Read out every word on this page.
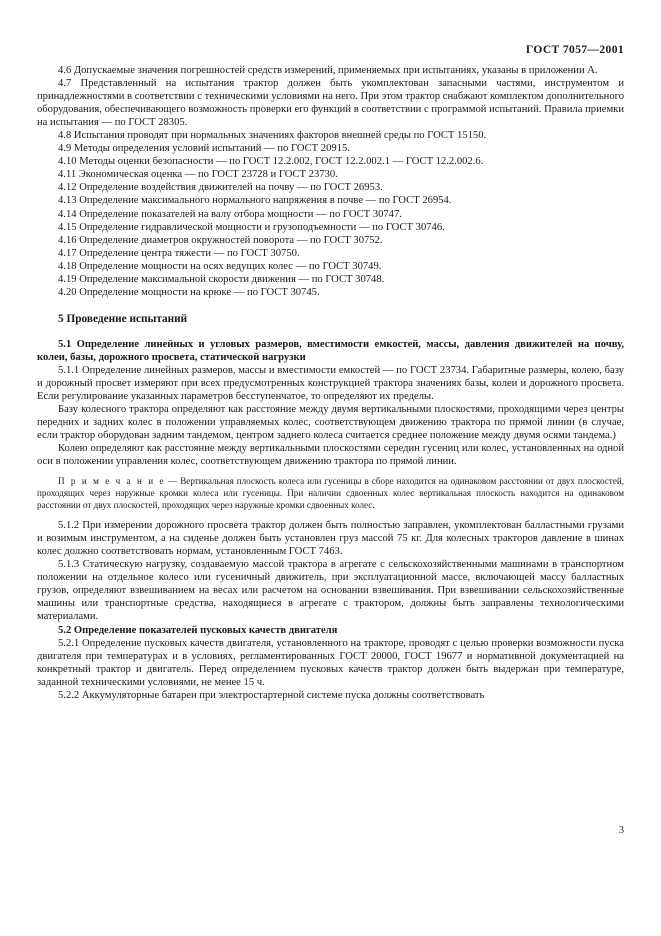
ГОСТ 7057—2001

4.6 Допускаемые значения погрешностей средств измерений, применяемых при испытаниях, указаны в приложении А.

4.7 Представленный на испытания трактор должен быть укомплектован запасными частями, инструментом и принадлежностями в соответствии с техническими условиями на него. При этом трактор снабжают комплектом дополнительного оборудования, обеспечивающего возможность проверки его функций в соответствии с программой испытаний. Правила приемки на испытания — по ГОСТ 28305.

4.8 Испытания проводят при нормальных значениях факторов внешней среды по ГОСТ 15150.
4.9 Методы определения условий испытаний — по ГОСТ 20915.
4.10 Методы оценки безопасности — по ГОСТ 12.2.002, ГОСТ 12.2.002.1 — ГОСТ 12.2.002.6.
4.11 Экономическая оценка — по ГОСТ 23728 и ГОСТ 23730.
4.12 Определение воздействия движителей на почву — по ГОСТ 26953.
4.13 Определение максимального нормального напряжения в почве — по ГОСТ 26954.
4.14 Определение показателей на валу отбора мощности — по ГОСТ 30747.
4.15 Определение гидравлической мощности и грузоподъемности — по ГОСТ 30746.
4.16 Определение диаметров окружностей поворота — по ГОСТ 30752.
4.17 Определение центра тяжести — по ГОСТ 30750.
4.18 Определение мощности на осях ведущих колес — по ГОСТ 30749.
4.19 Определение максимальной скорости движения — по ГОСТ 30748.
4.20 Определение мощности на крюке — по ГОСТ 30745.
5 Проведение испытаний
5.1 Определение линейных и угловых размеров, вместимости емкостей, массы, давления движителей на почву, колеи, базы, дорожного просвета, статической нагрузки

5.1.1 Определение линейных размеров, массы и вместимости емкостей — по ГОСТ 23734. Габаритные размеры, колею, базу и дорожный просвет измеряют при всех предусмотренных конструкцией трактора значениях базы, колеи и дорожного просвета. Если регулирование указанных параметров бесступенчатое, то определяют их пределы.

Базу колесного трактора определяют как расстояние между двумя вертикальными плоскостями, проходящими через центры передних и задних колес в положении управляемых колес, соответствующем движению трактора по прямой линии (в случае, если трактор оборудован задним тандемом, центром заднего колеса считается среднее положение между двумя осями тандема.)

Колею определяют как расстояние между вертикальными плоскостями середин гусениц или колес, установленных на одной оси в положении управления колес, соответствующем движению трактора по прямой линии.

П р и м е ч а н и е — Вертикальная плоскость колеса или гусеницы в сборе находится на одинаковом расстоянии от двух плоскостей, проходящих через наружные кромки колеса или гусеницы. При наличии сдвоенных колес вертикальная плоскость находится на одинаковом расстоянии от двух плоскостей, проходящих через наружные кромки сдвоенных колес.

5.1.2 При измерении дорожного просвета трактор должен быть полностью заправлен, укомплектован балластными грузами и возимым инструментом, а на сиденье должен быть установлен груз массой 75 кг. Для колесных тракторов давление в шинах колес должно соответствовать нормам, установленным ГОСТ 7463.

5.1.3 Статическую нагрузку, создаваемую массой трактора в агрегате с сельскохозяйственными машинами в транспортном положении на отдельное колесо или гусеничный движитель, при эксплуатационной массе, включающей массу балластных грузов, определяют взвешиванием на весах или расчетом на основании взвешивания. При взвешивании сельскохозяйственные машины или транспортные средства, находящиеся в агрегате с трактором, должны быть заправлены технологическими материалами.

5.2 Определение показателей пусковых качеств двигателя

5.2.1 Определение пусковых качеств двигателя, установленного на тракторе, проводят с целью проверки возможности пуска двигателя при температурах и в условиях, регламентированных ГОСТ 20000, ГОСТ 19677 и нормативной документацией на конкретный трактор и двигатель. Перед определением пусковых качеств трактор должен быть выдержан при температуре, заданной техническими условиями, не менее 15 ч.

5.2.2 Аккумуляторные батареи при электростартерной системе пуска должны соответствовать

3
